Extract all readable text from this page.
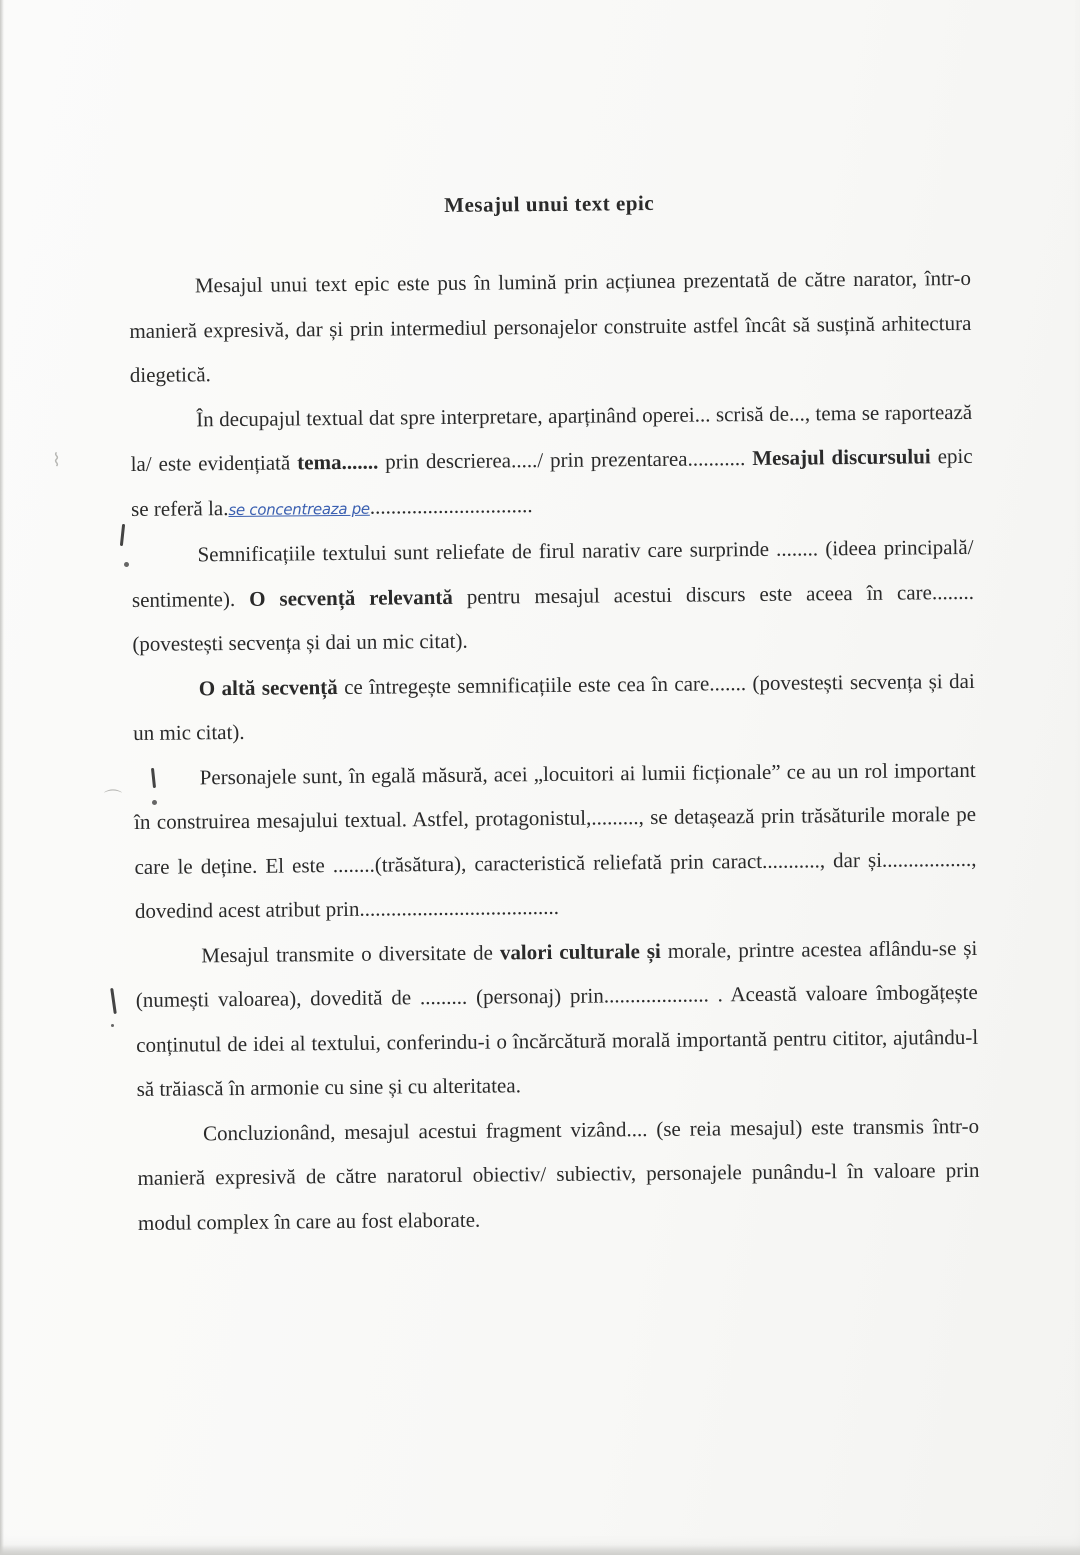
⌇
⌒
Mesajul unui text epic

Mesajul unui text epic este pus în lumină prin acțiunea prezentată de către narator, într-o manieră expresivă, dar și prin intermediul personajelor construite astfel încât să susțină arhitectura diegetică.

În decupajul textual dat spre interpretare, aparținând operei... scrisă de..., tema se raportează la/ este evidențiată tema....... prin descrierea...../ prin prezentarea........... Mesajul discursului epic se referă la.se concentreaza pe...............................

Semnificațiile textului sunt reliefate de firul narativ care surprinde ........ (ideea principală/ sentimente). O secvență relevantă pentru mesajul acestui discurs este aceea în care........ (povestești secvența și dai un mic citat).

O altă secvență ce întregește semnificațiile este cea în care....... (povestești secvența și dai un mic citat).

Personajele sunt, în egală măsură, acei „locuitori ai lumii ficționale” ce au un rol important în construirea mesajului textual. Astfel, protagonistul,........., se detașează prin trăsăturile morale pe care le deține. El este ........(trăsătura), caracteristică reliefată prin caract..........., dar și................., dovedind acest atribut prin......................................

Mesajul transmite o diversitate de valori culturale și morale, printre acestea aflându-se și (numești valoarea), dovedită de ......... (personaj) prin.................... . Această valoare îmbogățește conținutul de idei al textului, conferindu-i o încărcătură morală importantă pentru cititor, ajutându-l să trăiască în armonie cu sine și cu alteritatea.

Concluzionând, mesajul acestui fragment vizând.... (se reia mesajul) este transmis într-o manieră expresivă de către naratorul obiectiv/ subiectiv, personajele punându-l în valoare prin modul complex în care au fost elaborate.
